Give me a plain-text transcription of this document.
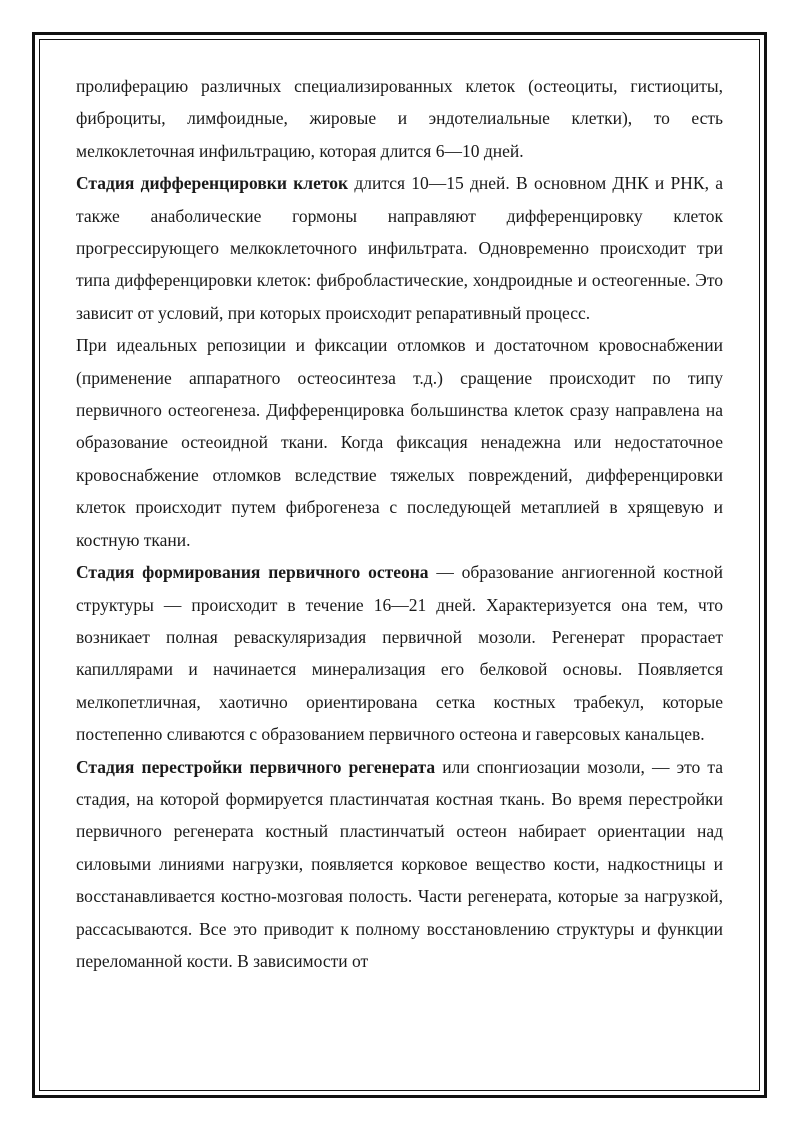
пролиферацию различных специализированных клеток (остеоциты, гистиоциты, фиброциты, лимфоидные, жировые и эндотелиальные клетки), то есть мелкоклеточная инфильтрацию, которая длится 6—10 дней.

Стадия дифференцировки клеток длится 10—15 дней. В основном ДНК и РНК, а также анаболические гормоны направляют дифференцировку клеток прогрессирующего мелкоклеточного инфильтрата. Одновременно происходит три типа дифференцировки клеток: фибробластические, хондроидные и остеогенные. Это зависит от условий, при которых происходит репаративный процесс.

При идеальных репозиции и фиксации отломков и достаточном кровоснабжении (применение аппаратного остеосинтеза т.д.) сращение происходит по типу первичного остеогенеза. Дифференцировка большинства клеток сразу направлена на образование остеоидной ткани. Когда фиксация ненадежна или недостаточное кровоснабжение отломков вследствие тяжелых повреждений, дифференцировки клеток происходит путем фиброгенеза с последующей метаплией в хрящевую и костную ткани.

Стадия формирования первичного остеона — образование ангиогенной костной структуры — происходит в течение 16—21 дней. Характеризуется она тем, что возникает полная реваскуляризадия первичной мозоли. Регенерат прорастает капиллярами и начинается минерализация его белковой основы. Появляется мелкопетличная, хаотично ориентирована сетка костных трабекул, которые постепенно сливаются с образованием первичного остеона и гаверсовых канальцев.

Стадия перестройки первичного регенерата или спонгиозации мозоли, — это та стадия, на которой формируется пластинчатая костная ткань. Во время перестройки первичного регенерата костный пластинчатый остеон набирает ориентации над силовыми линиями нагрузки, появляется корковое вещество кости, надкостницы и восстанавливается костно-мозговая полость. Части регенерата, которые за нагрузкой, рассасываются. Все это приводит к полному восстановлению структуры и функции переломанной кости. В зависимости от
